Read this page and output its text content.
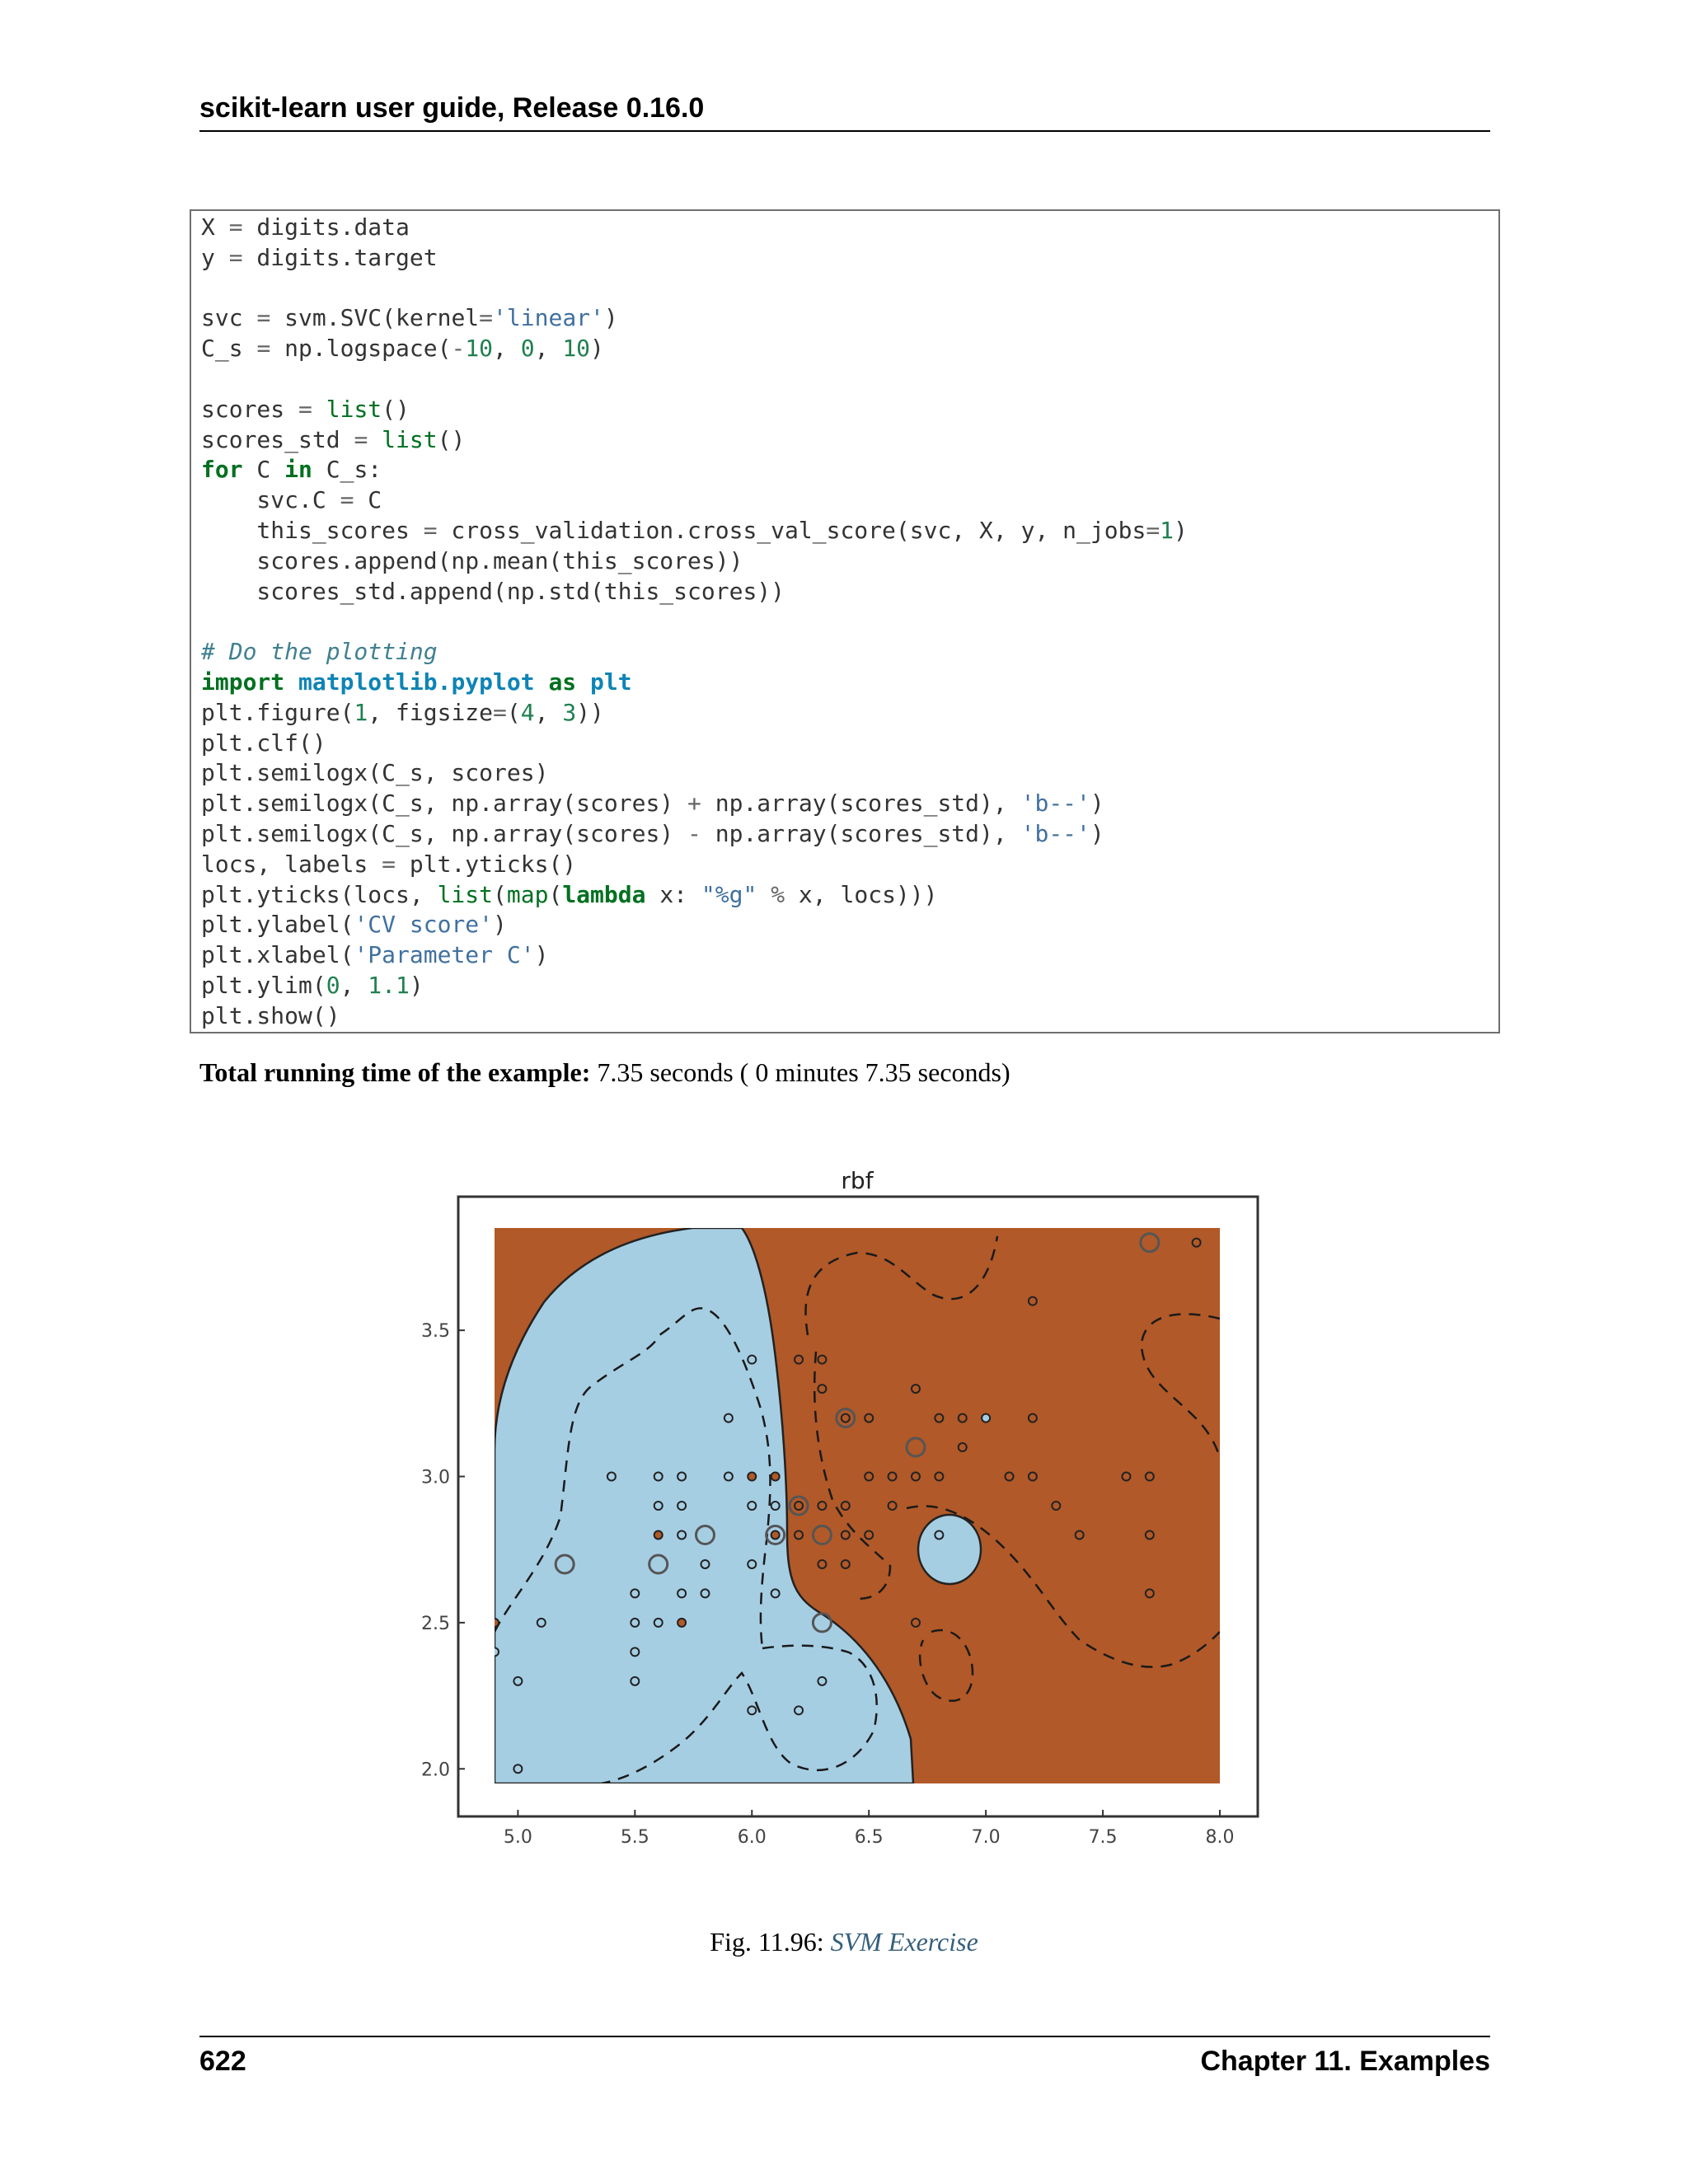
scikit-learn user guide, Release 0.16.0
X = digits.data
y = digits.target

svc = svm.SVC(kernel='linear')
C_s = np.logspace(-10, 0, 10)

scores = list()
scores_std = list()
for C in C_s:
svc.C = C
this_scores = cross_validation.cross_val_score(svc, X, y, n_jobs=1)
scores.append(np.mean(this_scores))
scores_std.append(np.std(this_scores))

# Do the plotting
import matplotlib.pyplot as plt
plt.figure(1, figsize=(4, 3))
plt.clf()
plt.semilogx(C_s, scores)
plt.semilogx(C_s, np.array(scores) + np.array(scores_std), 'b--')
plt.semilogx(C_s, np.array(scores) - np.array(scores_std), 'b--')
locs, labels = plt.yticks()
plt.yticks(locs, list(map(lambda x: "%g" % x, locs)))
plt.ylabel('CV score')
plt.xlabel('Parameter C')
plt.ylim(0, 1.1)
plt.show()
Total running time of the example: 7.35 seconds ( 0 minutes 7.35 seconds)
rbf
5.0	5.5	6.0	6.5	7.0	7.5	8.0
2.0
2.5
3.0
3.5
Fig. 11.96: SVM Exercise
622	Chapter 11. Examples
